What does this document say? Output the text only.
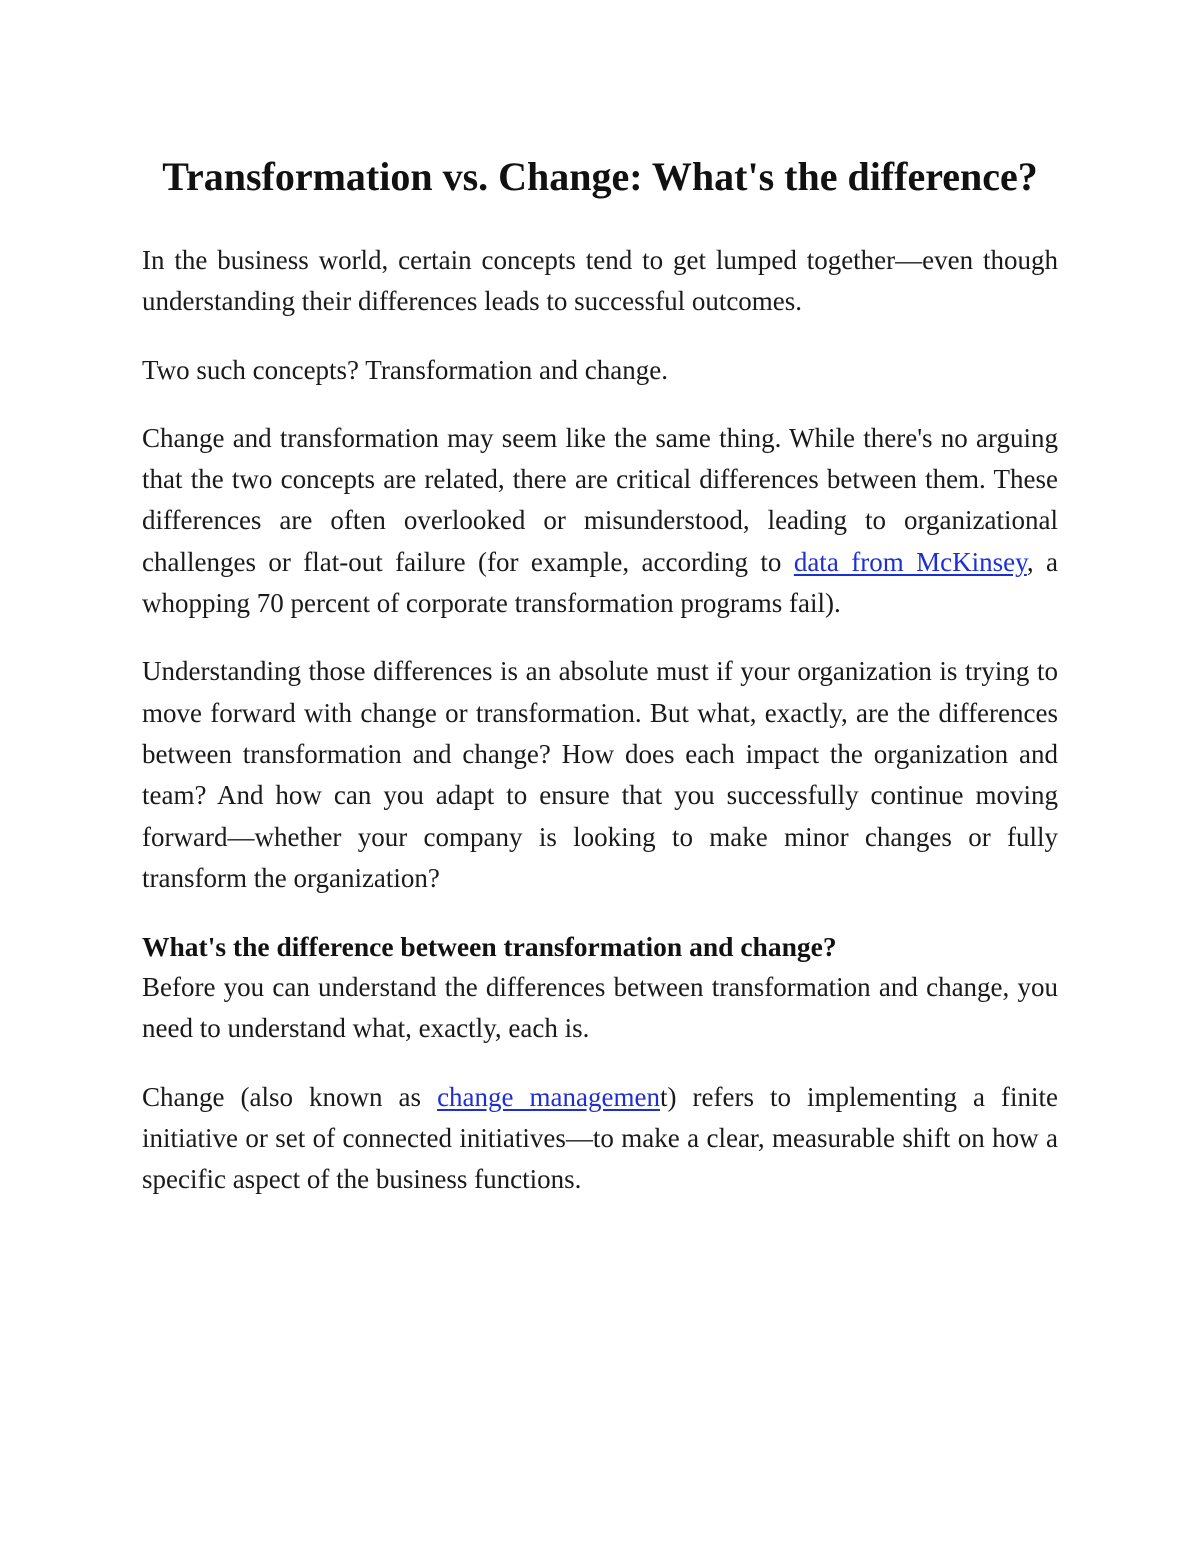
Transformation vs. Change: What's the difference?

In the business world, certain concepts tend to get lumped together—even though understanding their differences leads to successful outcomes.

Two such concepts? Transformation and change.

Change and transformation may seem like the same thing. While there's no arguing that the two concepts are related, there are critical differences between them. These differences are often overlooked or misunderstood, leading to organizational challenges or flat-out failure (for example, according to data from McKinsey, a whopping 70 percent of corporate transformation programs fail).

Understanding those differences is an absolute must if your organization is trying to move forward with change or transformation. But what, exactly, are the differences between transformation and change? How does each impact the organization and team? And how can you adapt to ensure that you successfully continue moving forward—whether your company is looking to make minor changes or fully transform the organization?

What's the difference between transformation and change?

Before you can understand the differences between transformation and change, you need to understand what, exactly, each is.

Change (also known as change management) refers to implementing a finite initiative or set of connected initiatives—to make a clear, measurable shift on how a specific aspect of the business functions.
